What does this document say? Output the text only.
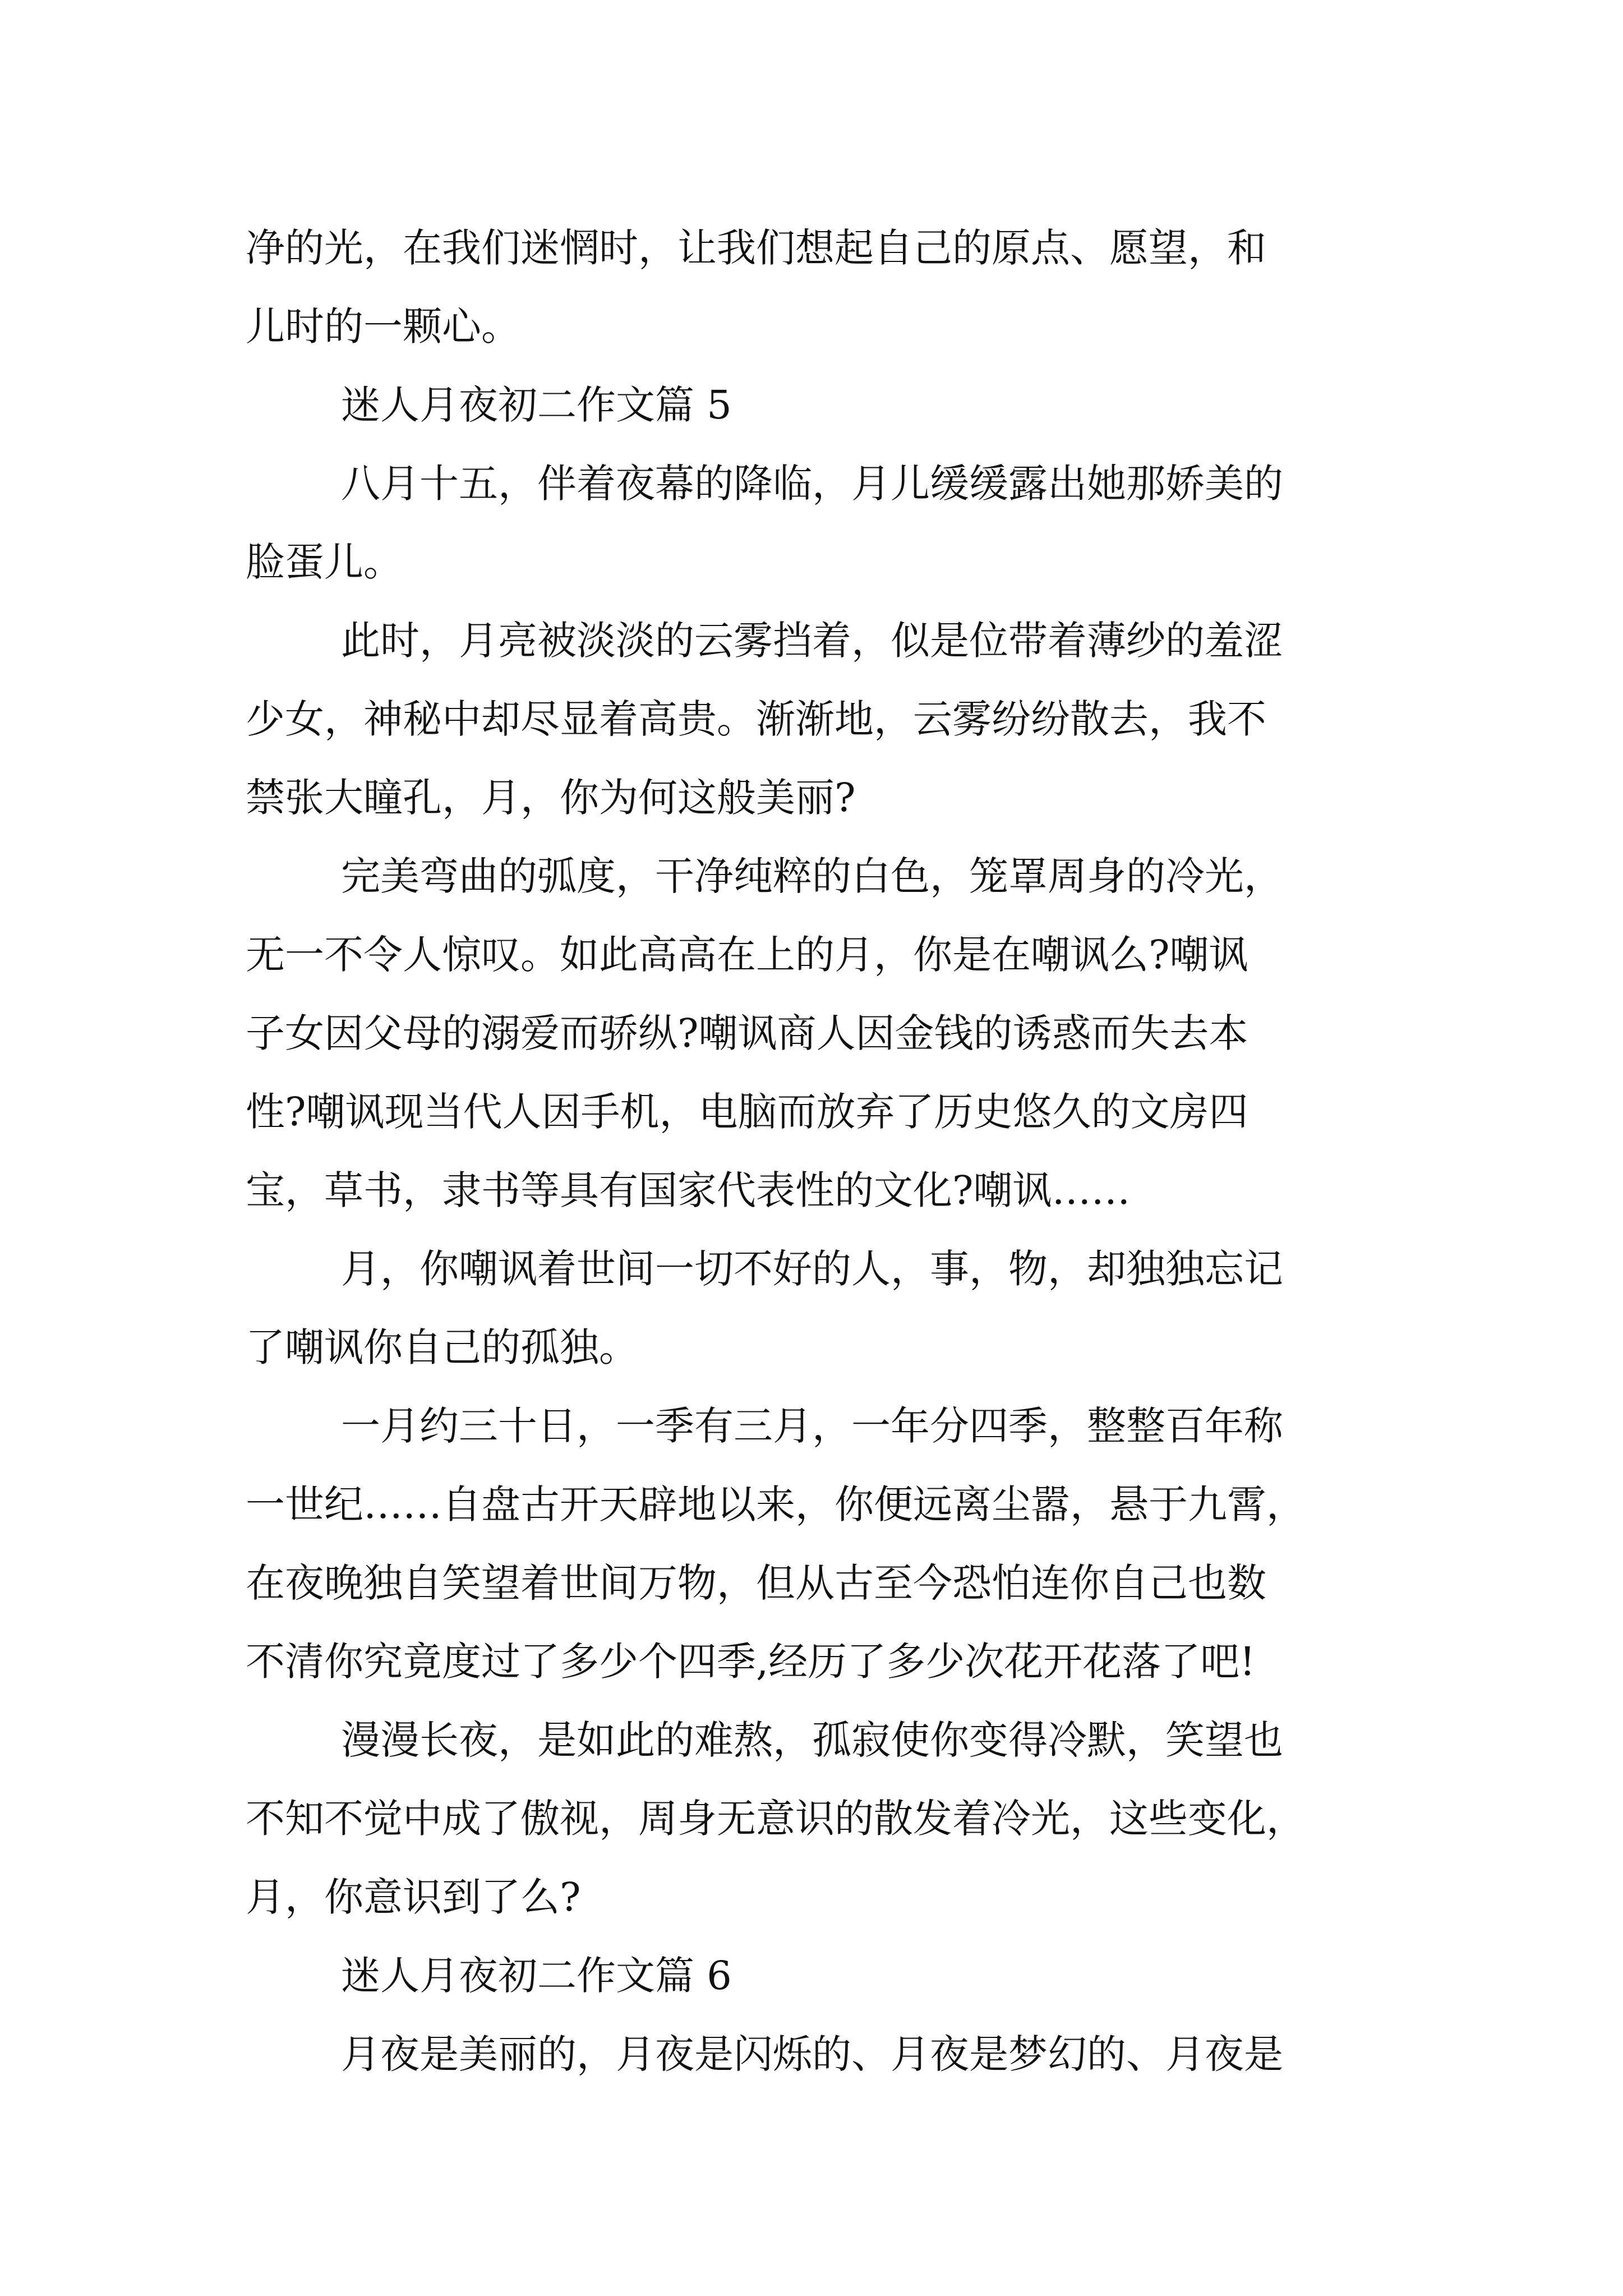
净的光，在我们迷惘时，让我们想起自己的原点、愿望，和
儿时的一颗心。
迷人月夜初二作文篇 5
八月十五，伴着夜幕的降临，月儿缓缓露出她那娇美的
脸蛋儿。
此时，月亮被淡淡的云雾挡着，似是位带着薄纱的羞涩
少女，神秘中却尽显着高贵。渐渐地，云雾纷纷散去，我不
禁张大瞳孔，月，你为何这般美丽?
完美弯曲的弧度，干净纯粹的白色，笼罩周身的冷光，
无一不令人惊叹。如此高高在上的月，你是在嘲讽么?嘲讽
子女因父母的溺爱而骄纵?嘲讽商人因金钱的诱惑而失去本
性?嘲讽现当代人因手机，电脑而放弃了历史悠久的文房四
宝，草书，隶书等具有国家代表性的文化?嘲讽……
月，你嘲讽着世间一切不好的人，事，物，却独独忘记
了嘲讽你自己的孤独。
一月约三十日，一季有三月，一年分四季，整整百年称
一世纪……自盘古开天辟地以来，你便远离尘嚣，悬于九霄，
在夜晚独自笑望着世间万物，但从古至今恐怕连你自己也数
不清你究竟度过了多少个四季,经历了多少次花开花落了吧!
漫漫长夜，是如此的难熬，孤寂使你变得冷默，笑望也
不知不觉中成了傲视，周身无意识的散发着冷光，这些变化，
月，你意识到了么?
迷人月夜初二作文篇 6
月夜是美丽的，月夜是闪烁的、月夜是梦幻的、月夜是
